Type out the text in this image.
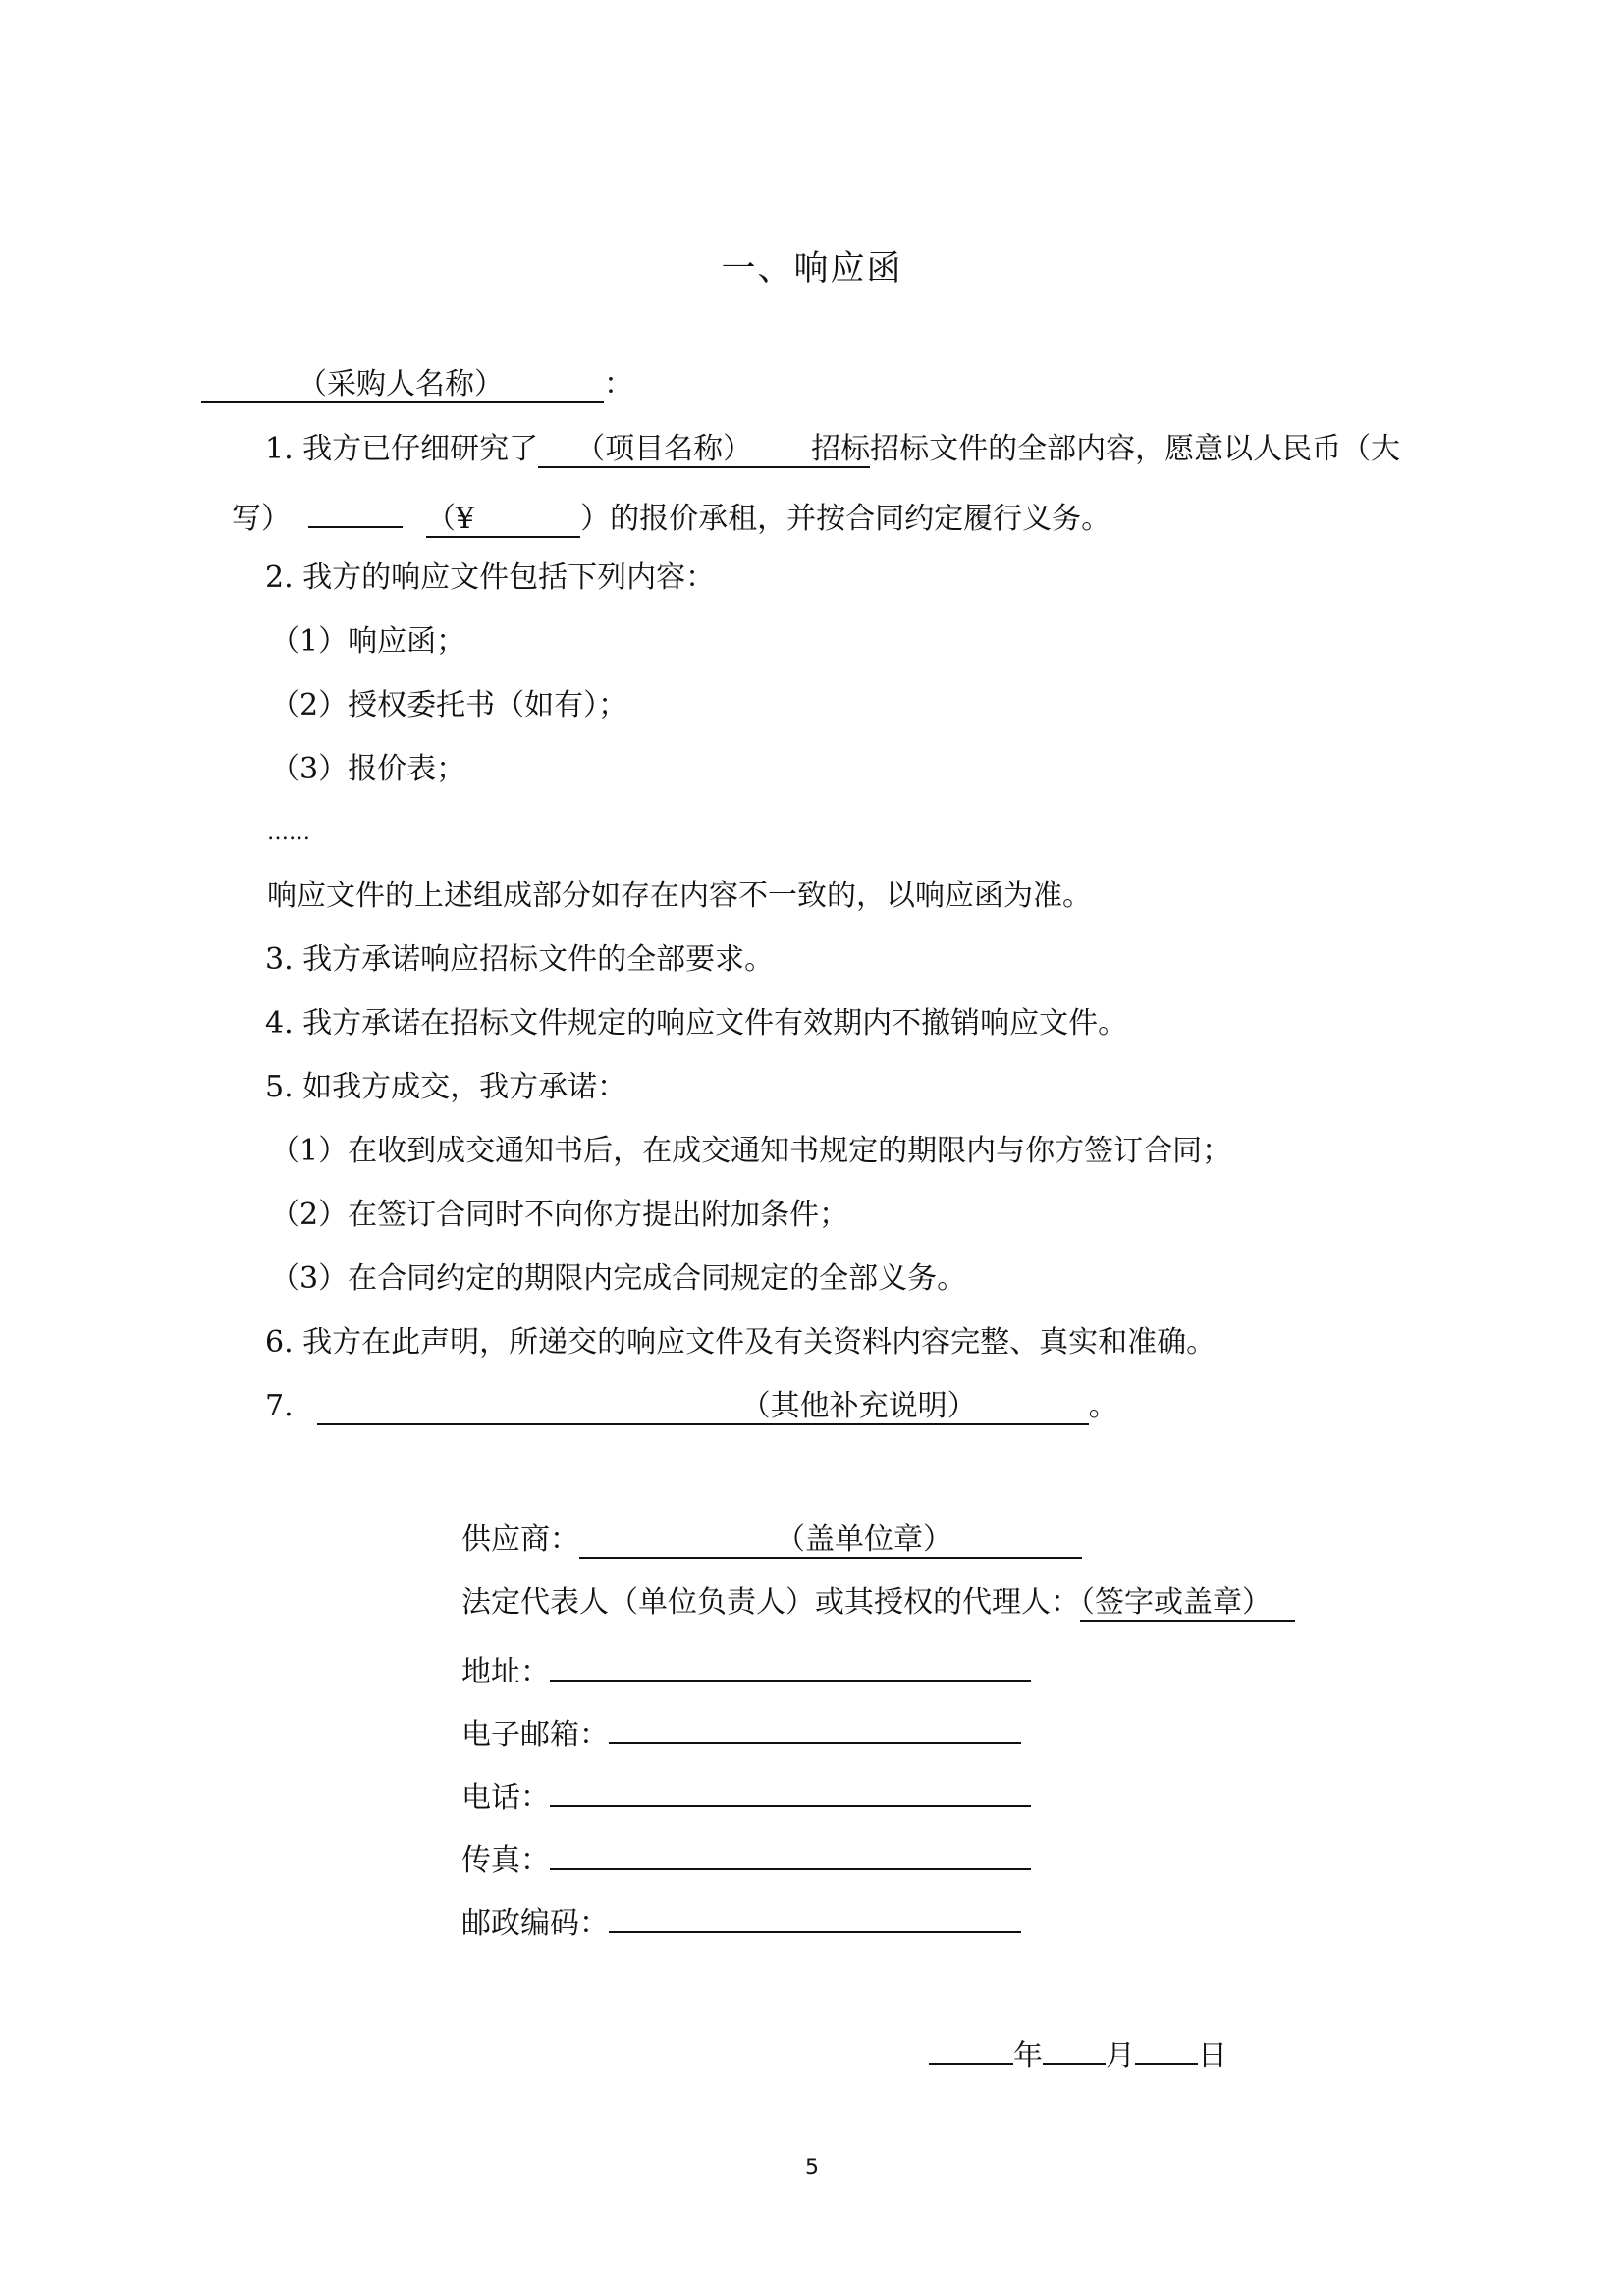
一、响应函
（采购人名称）	：
1. 我方已仔细研究了 （项目名称） 招标招标文件的全部内容，愿意以人民币（大
写）	（¥	）的报价承租，并按合同约定履行义务。
2. 我方的响应文件包括下列内容：
（1）响应函；
（2）授权委托书（如有）；
（3）报价表；
……
响应文件的上述组成部分如存在内容不一致的，以响应函为准。
3. 我方承诺响应招标文件的全部要求。
4. 我方承诺在招标文件规定的响应文件有效期内不撤销响应文件。
5. 如我方成交，我方承诺：
（1）在收到成交通知书后，在成交通知书规定的期限内与你方签订合同；
（2）在签订合同时不向你方提出附加条件；
（3）在合同约定的期限内完成合同规定的全部义务。
6. 我方在此声明，所递交的响应文件及有关资料内容完整、真实和准确。
7.	（其他补充说明）	。
供应商：	（盖单位章）
法定代表人（单位负责人）或其授权的代理人：（签字或盖章）
地址：
电子邮箱：
电话：
传真：
邮政编码：
年 月 日
5
